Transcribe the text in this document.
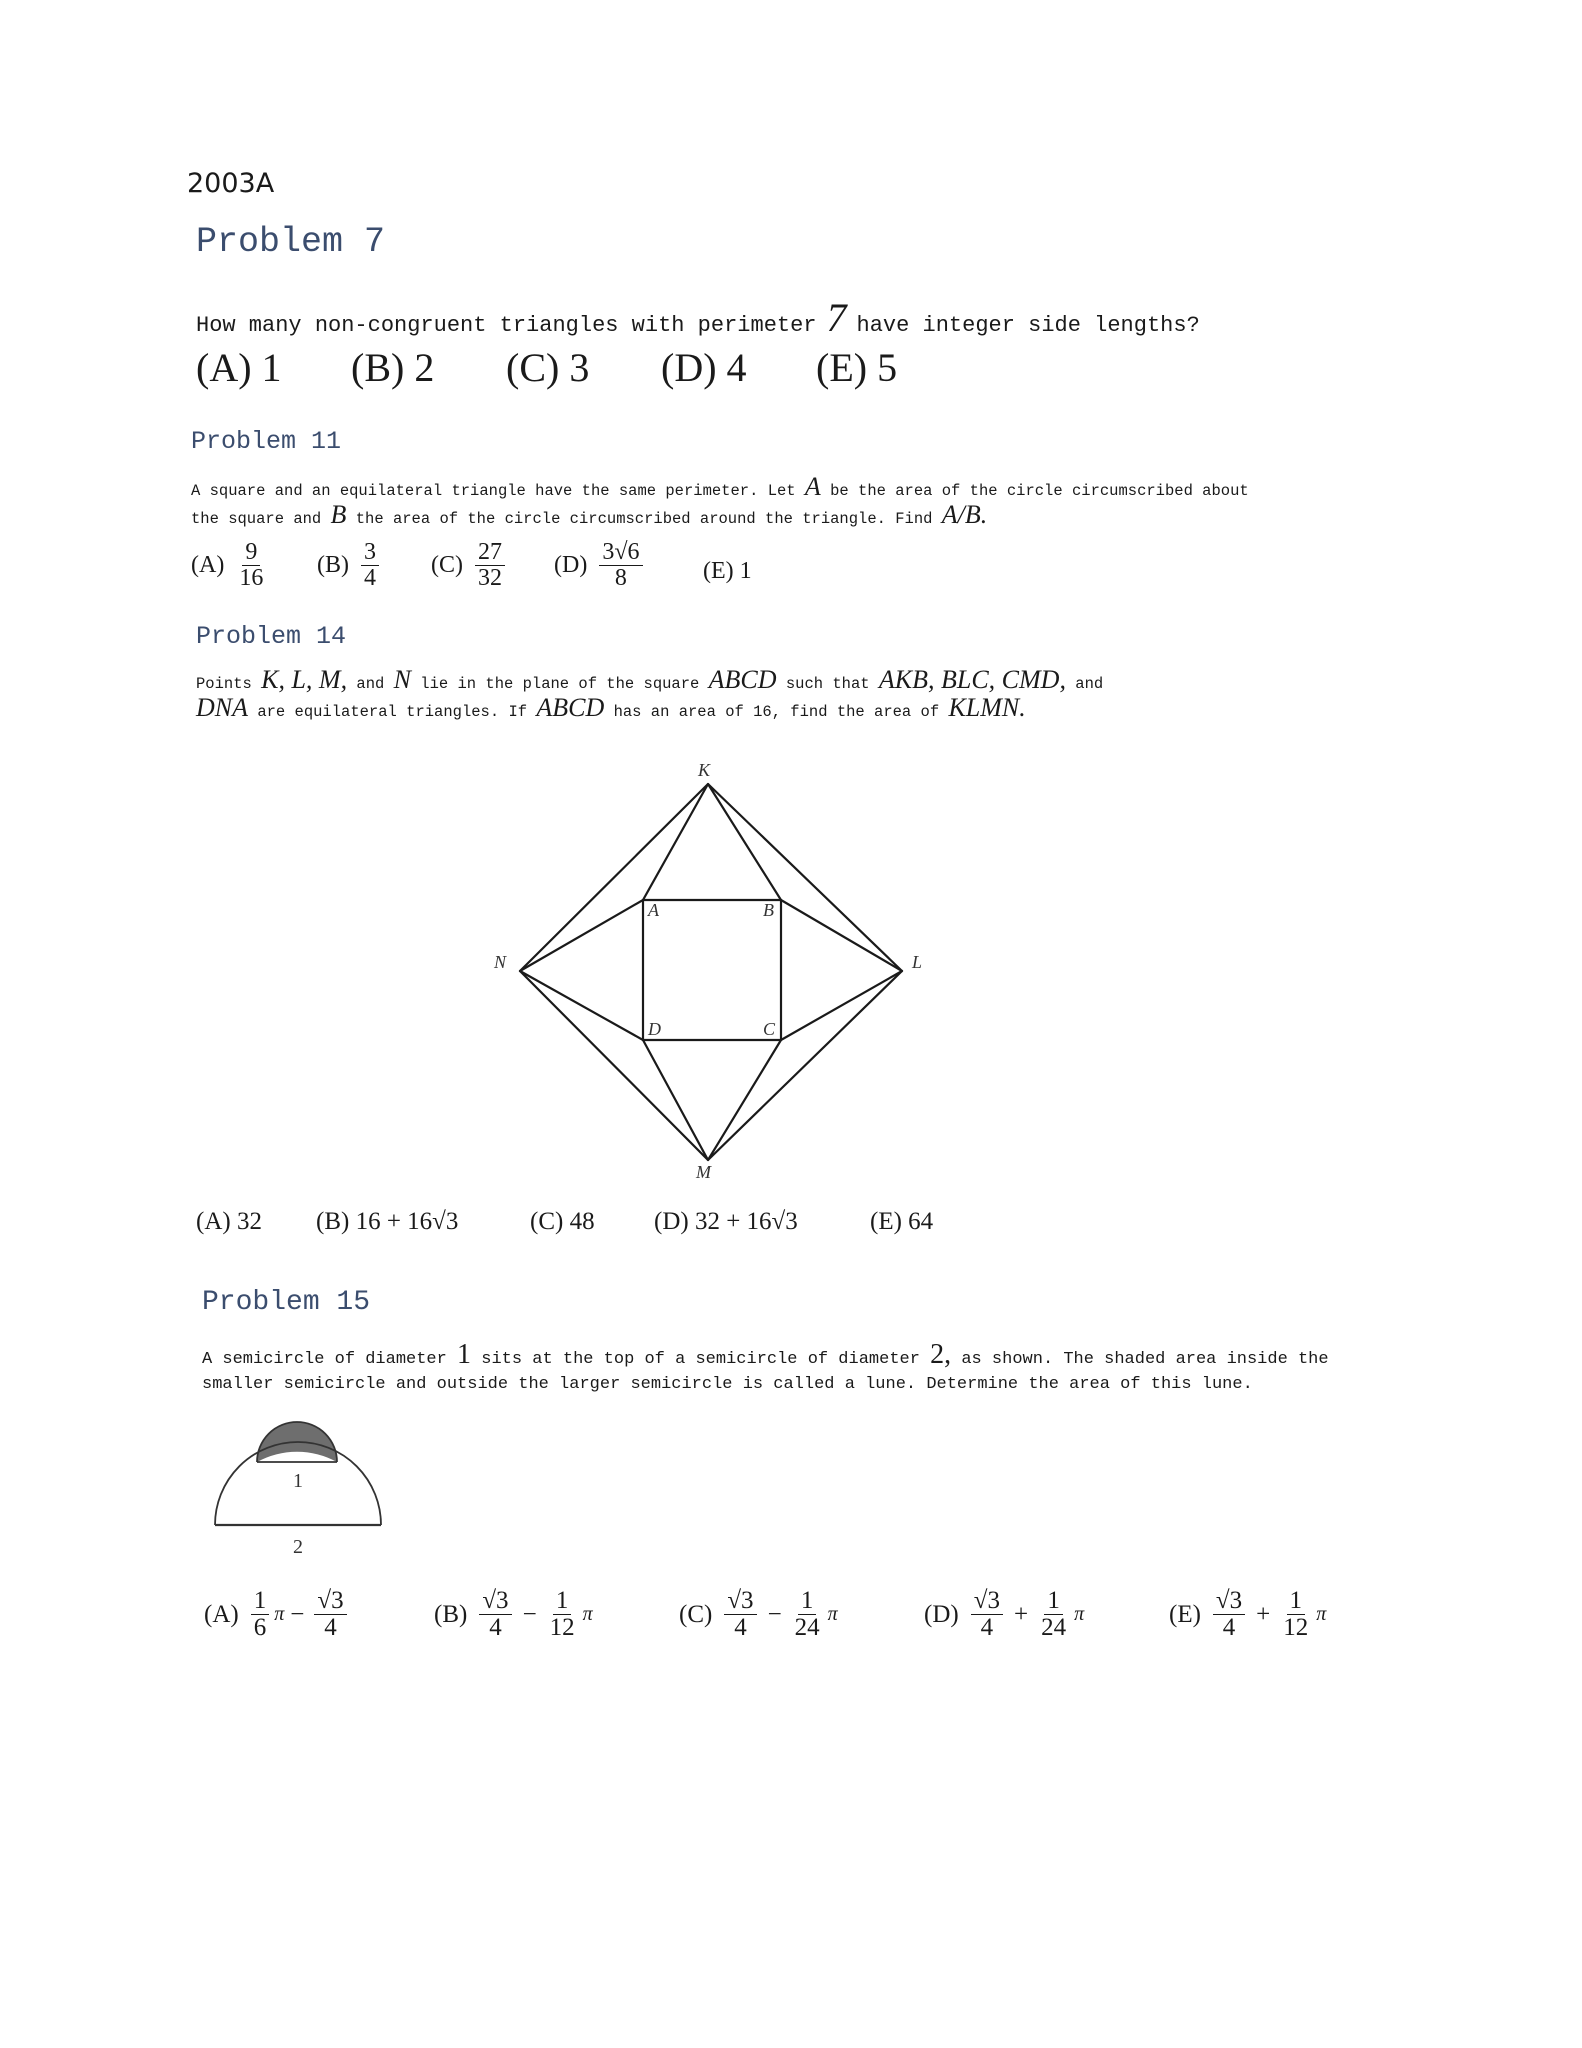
2003A
Problem 7
How many non-congruent triangles with perimeter 7 have integer side lengths?
(A) 1 (B) 2 (C) 3 (D) 4 (E) 5
Problem 11
A square and an equilateral triangle have the same perimeter. Let A be the area of the circle circumscribed about
the square and B the area of the circle circumscribed around the triangle. Find A/B.
$(A) \frac{9}{16} (B) \frac{3}{4} (C) \frac{27}{32} (D) \frac{3√6}{8}$	(E) 1
Problem 14
Points K, L, M, and N lie in the plane of the square ABCD such that AKB, BLC, CMD, and
DNA are equilateral triangles. If ABCD has an area of 16, find the area of KLMN.
K
L
M
N
A	B
C
D
(A) 32 (B) 16 + 16√3	(C) 48 (D) 32 + 16√3	(E) 64
Problem 15
A semicircle of diameter 1 sits at the top of a semicircle of diameter 2, as shown. The shaded area inside the
smaller semicircle and outside the larger semicircle is called a lune. Determine the area of this lune.
1
2
$(A) \frac{1}{6}$ $\pi - \frac{√3}{4}$	$(B) \frac{√3}{4} - \frac{1}{12}$ π	$(C) \frac{√3}{4} - \frac{1}{24}$ π	$(D) \frac{√3}{4} + \frac{1}{24}$ π	$(E) \frac{√3}{4} + \frac{1}{12}$ π
